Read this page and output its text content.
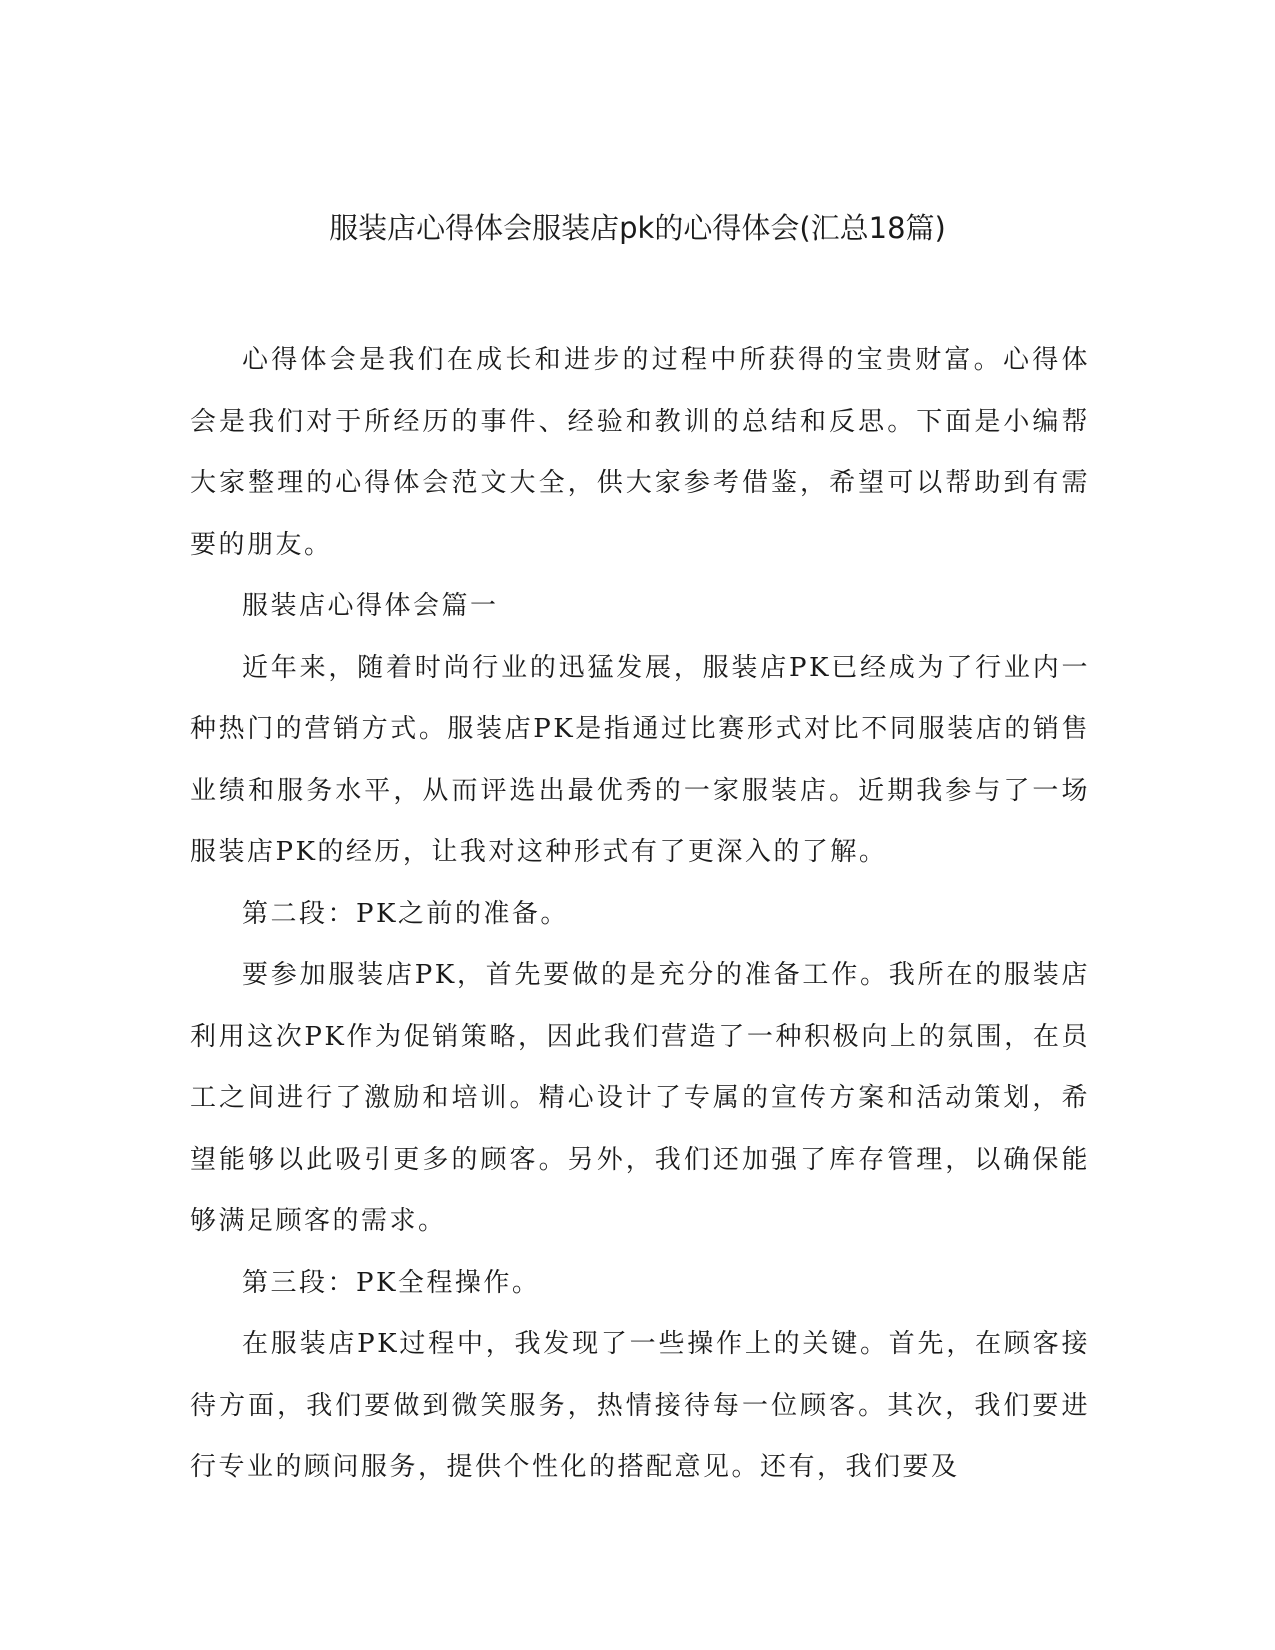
服装店心得体会服装店pk的心得体会(汇总18篇)

心得体会是我们在成长和进步的过程中所获得的宝贵财富。心得体会是我们对于所经历的事件、经验和教训的总结和反思。下面是小编帮大家整理的心得体会范文大全，供大家参考借鉴，希望可以帮助到有需要的朋友。

服装店心得体会篇一

近年来，随着时尚行业的迅猛发展，服装店PK已经成为了行业内一种热门的营销方式。服装店PK是指通过比赛形式对比不同服装店的销售业绩和服务水平，从而评选出最优秀的一家服装店。近期我参与了一场服装店PK的经历，让我对这种形式有了更深入的了解。

第二段：PK之前的准备。

要参加服装店PK，首先要做的是充分的准备工作。我所在的服装店利用这次PK作为促销策略，因此我们营造了一种积极向上的氛围，在员工之间进行了激励和培训。精心设计了专属的宣传方案和活动策划，希望能够以此吸引更多的顾客。另外，我们还加强了库存管理，以确保能够满足顾客的需求。

第三段：PK全程操作。

在服装店PK过程中，我发现了一些操作上的关键。首先，在顾客接待方面，我们要做到微笑服务，热情接待每一位顾客。其次，我们要进行专业的顾问服务，提供个性化的搭配意见。还有，我们要及
